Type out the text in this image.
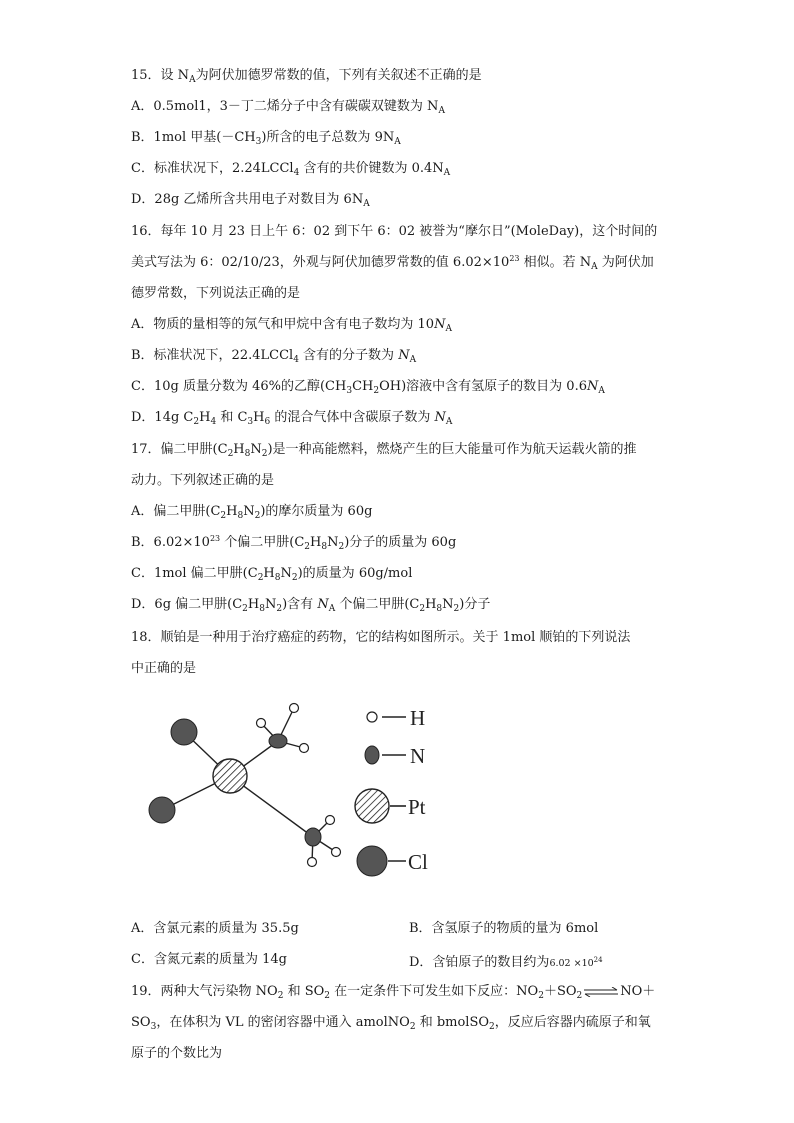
15．设 $N_A$为阿伏加德罗常数的值，下列有关叙述不正确的是
A．0.5mol1，3－丁二烯分子中含有碳碳双键数为 $N_A$
B．1mol 甲基$(-CH_3)$所含的电子总数为 $9N_A$
C．标准状况下，2.24LCCl$_4$ 含有的共价键数为 $0.4N_A$
D．28g 乙烯所含共用电子对数目为 $6N_A$
16．每年 10 月 23 日上午 6：02 到下午 6：02 被誉为“摩尔日”(MoleDay)，这个时间的
美式写法为 6：02/10/23，外观与阿伏加德罗常数的值 $6.02\times 10^{23}$ 相似。若 $N_A$ 为阿伏加
德罗常数，下列说法正确的是
A．物质的量相等的氖气和甲烷中含有电子数均为 $10N_A$
B．标准状况下，22.4LCCl$_4$ 含有的分子数为 $N_A$
C．10g 质量分数为 46%的乙醇$(CH_3CH_2OH)$溶液中含有氢原子的数目为 $0.6N_A$
D．14g $C_2H_4$ 和 $C_3H_6$ 的混合气体中含碳原子数为 $N_A$
17．偏二甲肼$(C_2H_8N_2)$是一种高能燃料，燃烧产生的巨大能量可作为航天运载火箭的推
动力。下列叙述正确的是
A．偏二甲肼$(C_2H_8N_2)$的摩尔质量为 60g
B．$6.02\times 10^{23}$ 个偏二甲肼$(C_2H_8N_2)$分子的质量为 60g
C．1mol 偏二甲肼$(C_2H_8N_2)$的质量为 60g/mol
D．6g 偏二甲肼$(C_2H_8N_2)$含有 $N_A$ 个偏二甲肼$(C_2H_8N_2)$分子
18．顺铂是一种用于治疗癌症的药物，它的结构如图所示。关于 1mol 顺铂的下列说法
中正确的是
H
N
Pt
Cl
A．含氯元素的质量为 35.5g	B．含氢原子的物质的量为 6mol
C．含氮元素的质量为 14g	D．含铂原子的数目约为$6.02 \times 10^{24}$
19．两种大气污染物 $NO_2$ 和 $SO_2$ 在一定条件下可发生如下反应：$NO_2+SO_2\rightleftharpoons NO+$
$SO_3$，在体积为 VL 的密闭容器中通入 amolNO$_2$ 和 bmolSO$_2$，反应后容器内硫原子和氧
原子的个数比为
